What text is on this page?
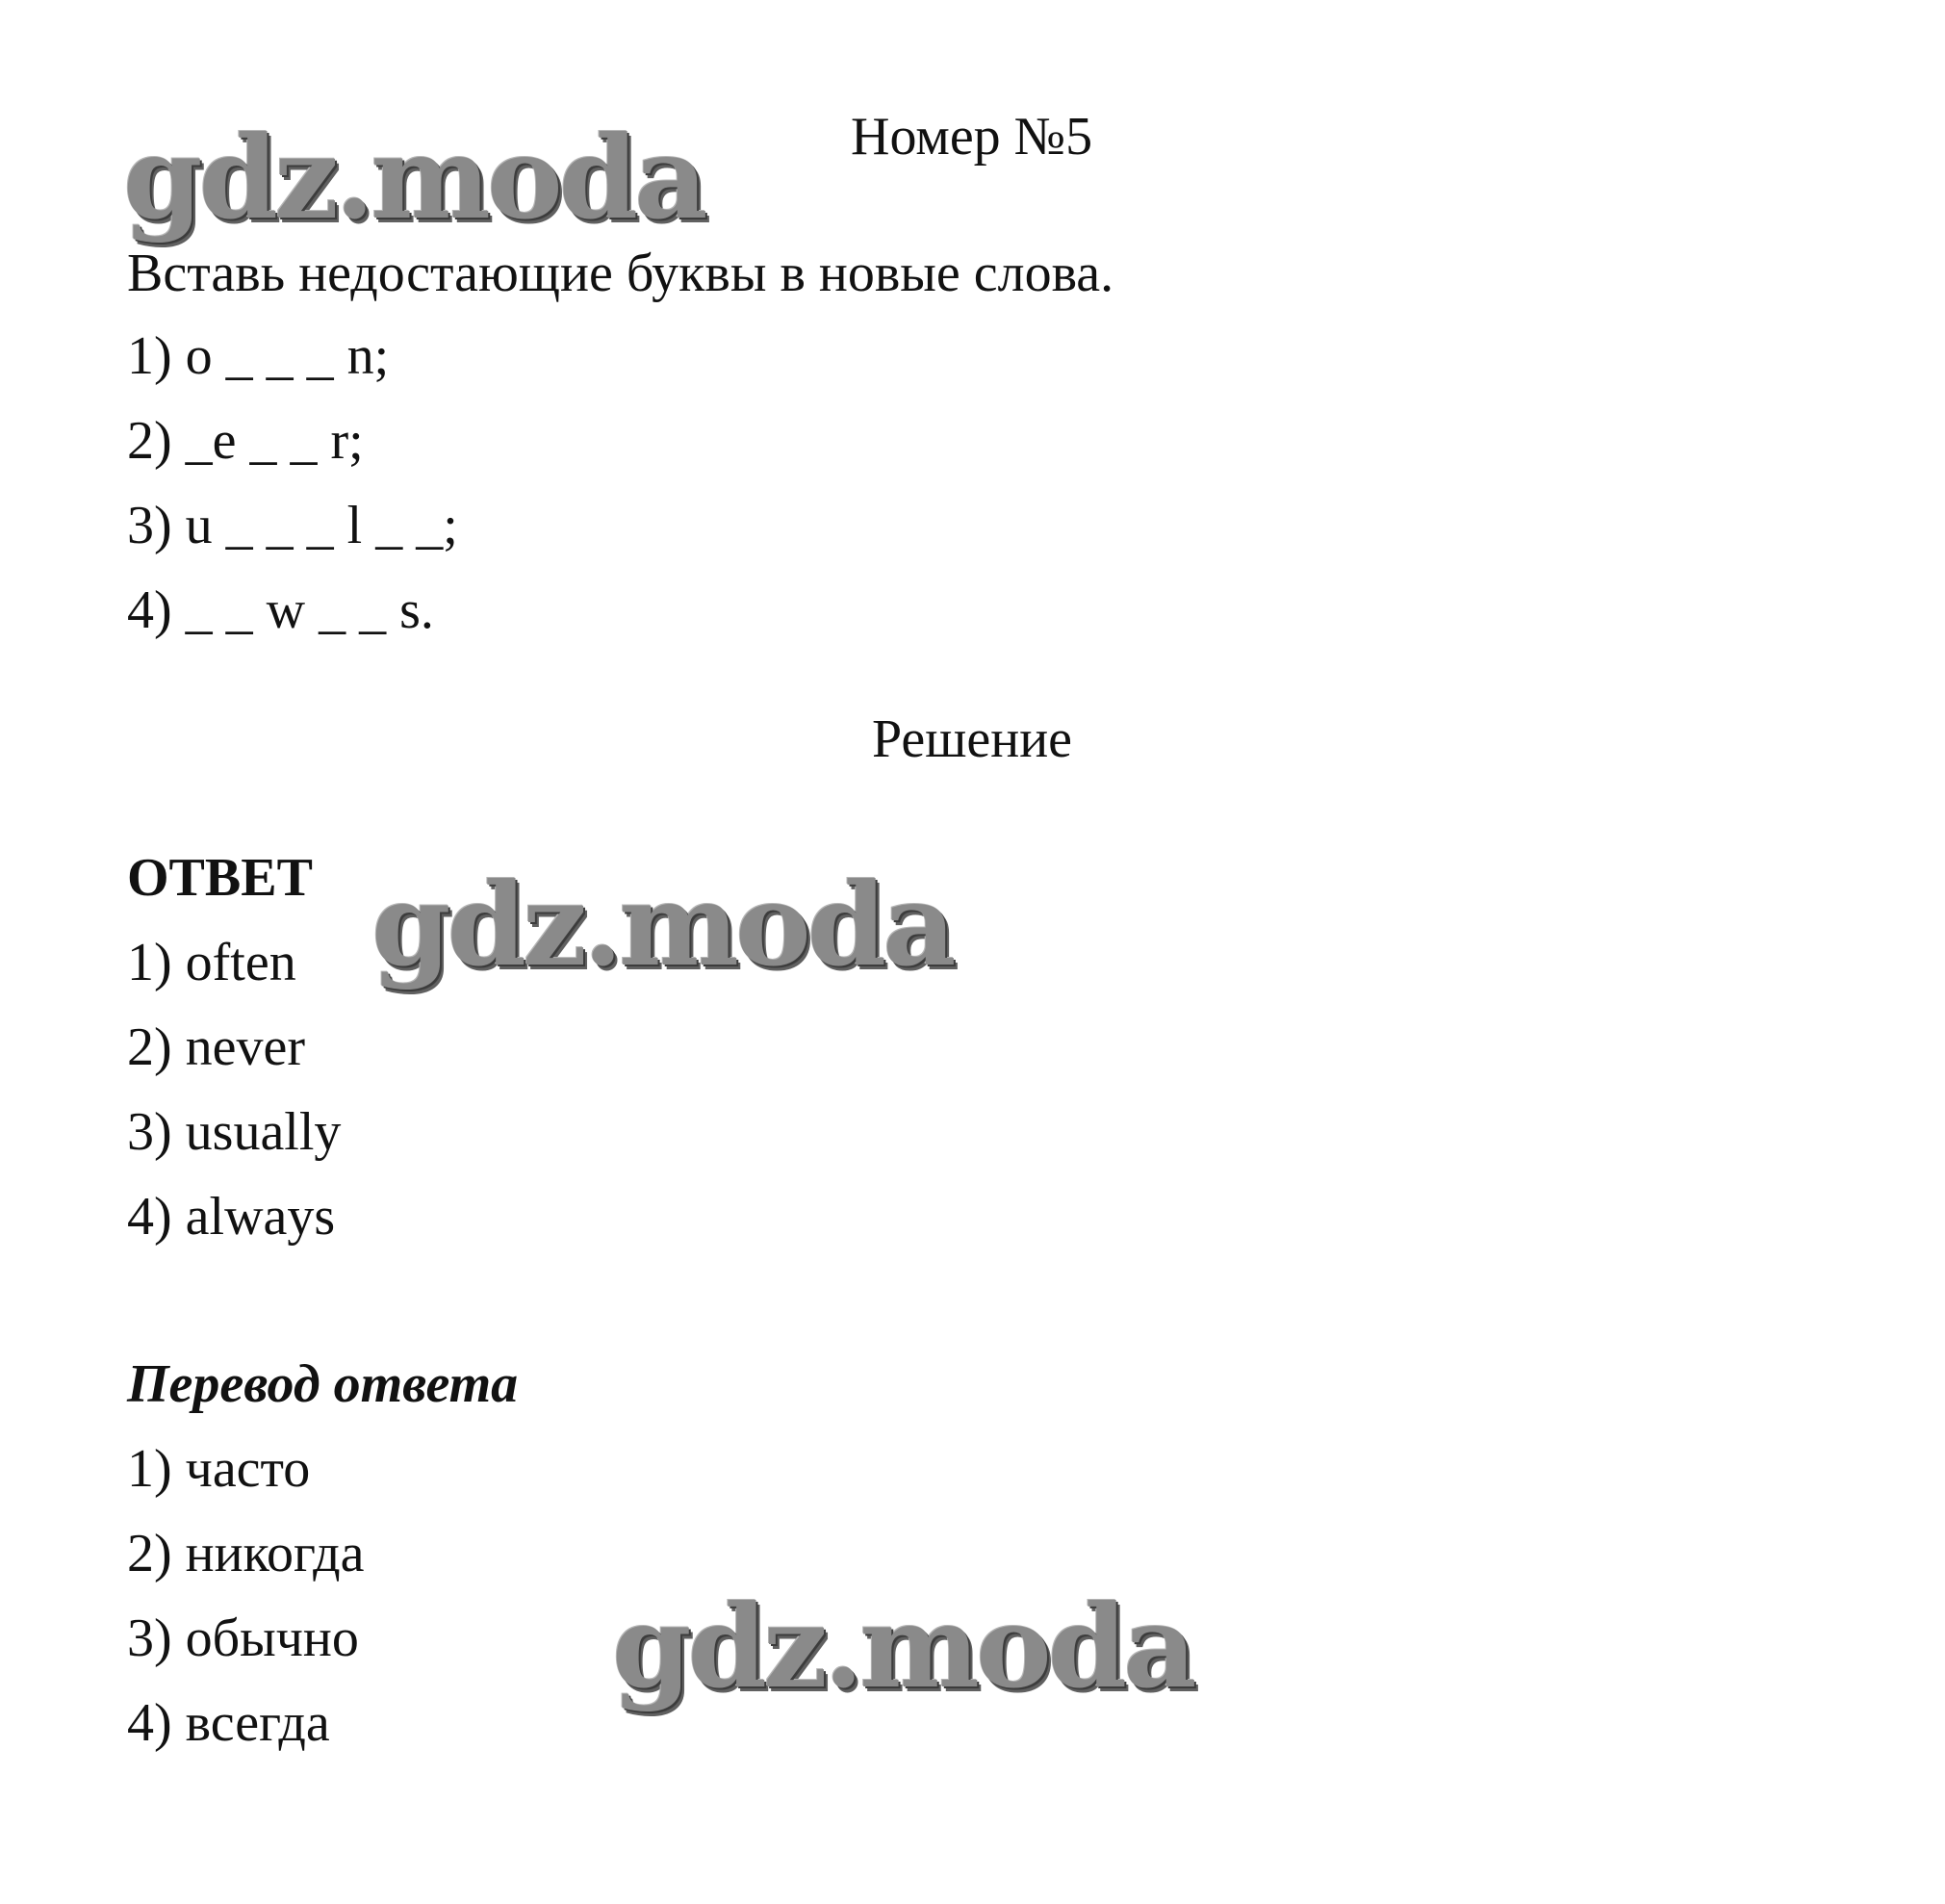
gdz.moda	Номер №5
Вставь недостающие буквы в новые слова.
1) o _ _ _ n;
2) _e _ _ r;
3) u _ _ _ l _ _;
4) _ _ w _ _ s.
Решение
ОТВЕТ gdz.moda
1) often
2) never
3) usually
4) always
Перевод ответа
1) часто
2) никогда
3) обычно
4) всегда
gdz.moda
